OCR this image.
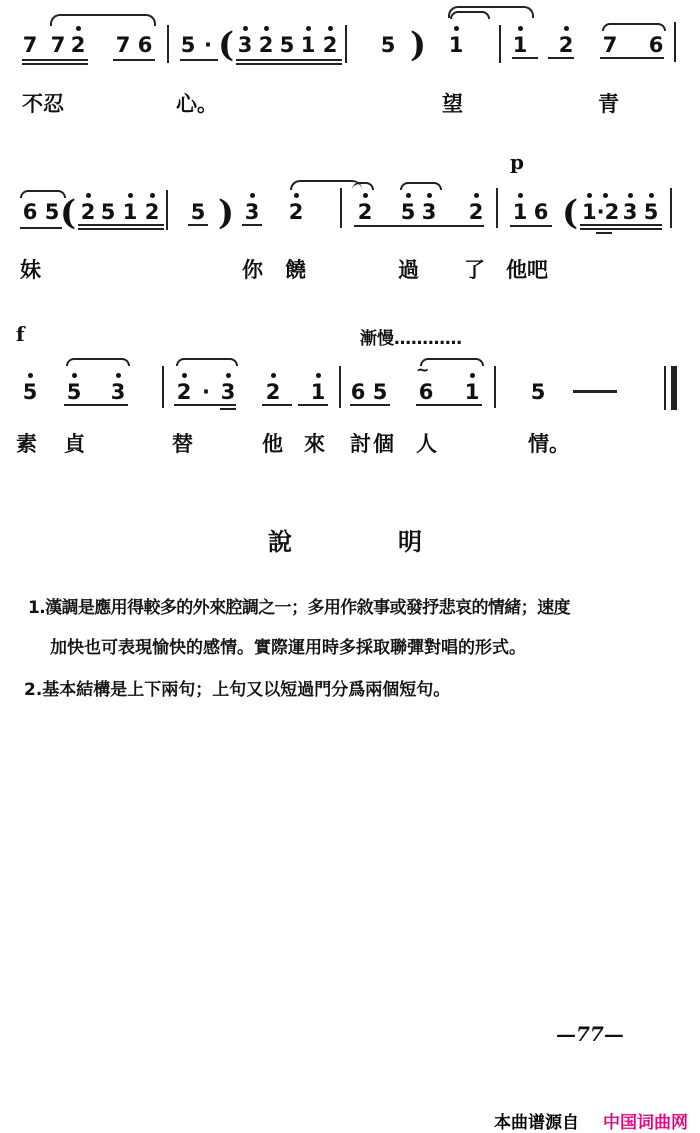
7 7 2 7 6 5 · ( 3 2 5 1 2 5 ) 1 1 2 7 6
不忍	心。	望	青
p
6 5 ( 2 5 1 2 5 ) 3 2	2 5 3 2 1 6 ( 1·2 3 5
妹	你饒	過 了 他吧
f	漸慢…………
5 5 3 2 · 3 2 1 6 5
~
6 1 5
素 貞	替	他 來 討個 人	情。
說	明
1.漢調是應用得較多的外來腔調之一；多用作敘事或發抒悲哀的情緒；速度
加快也可表現愉快的感情。實際運用時多採取聯彈對唱的形式。
2.基本結構是上下兩句；上句又以短過門分爲兩個短句。
—77—
本曲谱源自 中国词曲网
